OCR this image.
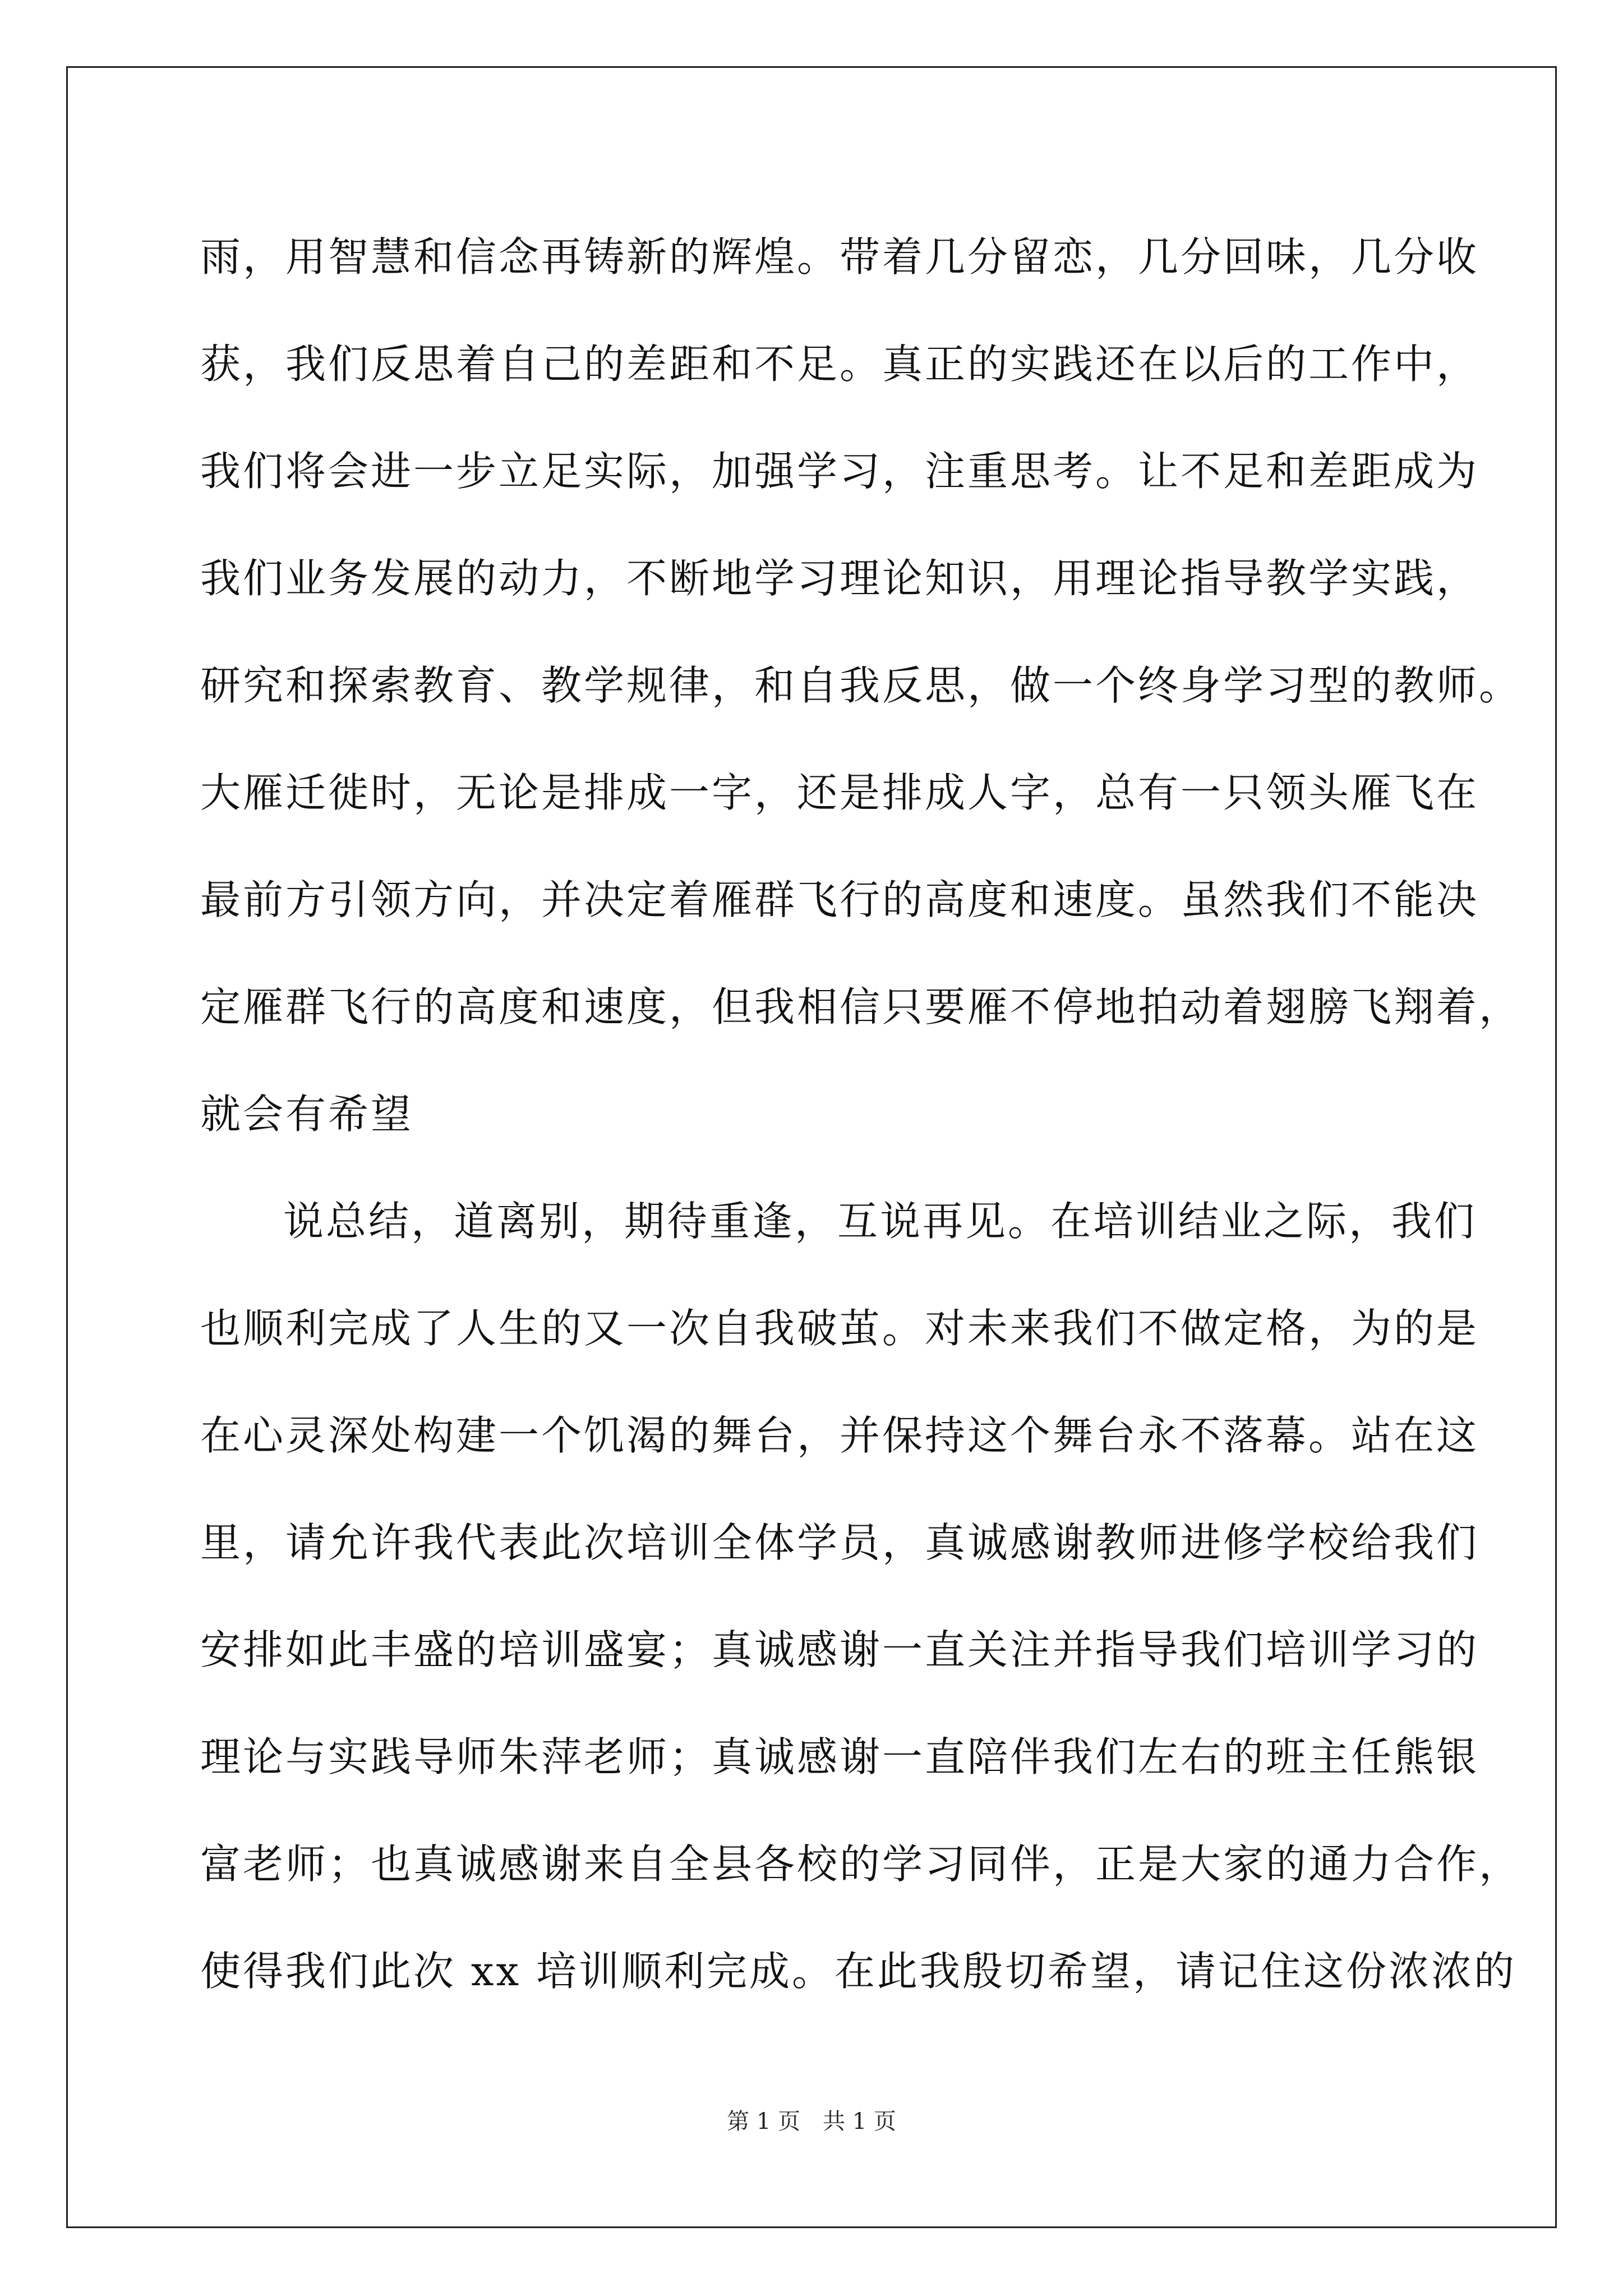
雨，用智慧和信念再铸新的辉煌。带着几分留恋，几分回味，几分收
获，我们反思着自己的差距和不足。真正的实践还在以后的工作中，
我们将会进一步立足实际，加强学习，注重思考。让不足和差距成为
我们业务发展的动力，不断地学习理论知识，用理论指导教学实践，
研究和探索教育、教学规律，和自我反思，做一个终身学习型的教师。
大雁迁徙时，无论是排成一字，还是排成人字，总有一只领头雁飞在
最前方引领方向，并决定着雁群飞行的高度和速度。虽然我们不能决
定雁群飞行的高度和速度，但我相信只要雁不停地拍动着翅膀飞翔着，
就会有希望
说总结，道离别，期待重逢，互说再见。在培训结业之际，我们
也顺利完成了人生的又一次自我破茧。对未来我们不做定格，为的是
在心灵深处构建一个饥渴的舞台，并保持这个舞台永不落幕。站在这
里，请允许我代表此次培训全体学员，真诚感谢教师进修学校给我们
安排如此丰盛的培训盛宴；真诚感谢一直关注并指导我们培训学习的
理论与实践导师朱萍老师；真诚感谢一直陪伴我们左右的班主任熊银
富老师；也真诚感谢来自全县各校的学习同伴，正是大家的通力合作，
使得我们此次 xx 培训顺利完成。在此我殷切希望，请记住这份浓浓的
第 1 页　共 1 页
